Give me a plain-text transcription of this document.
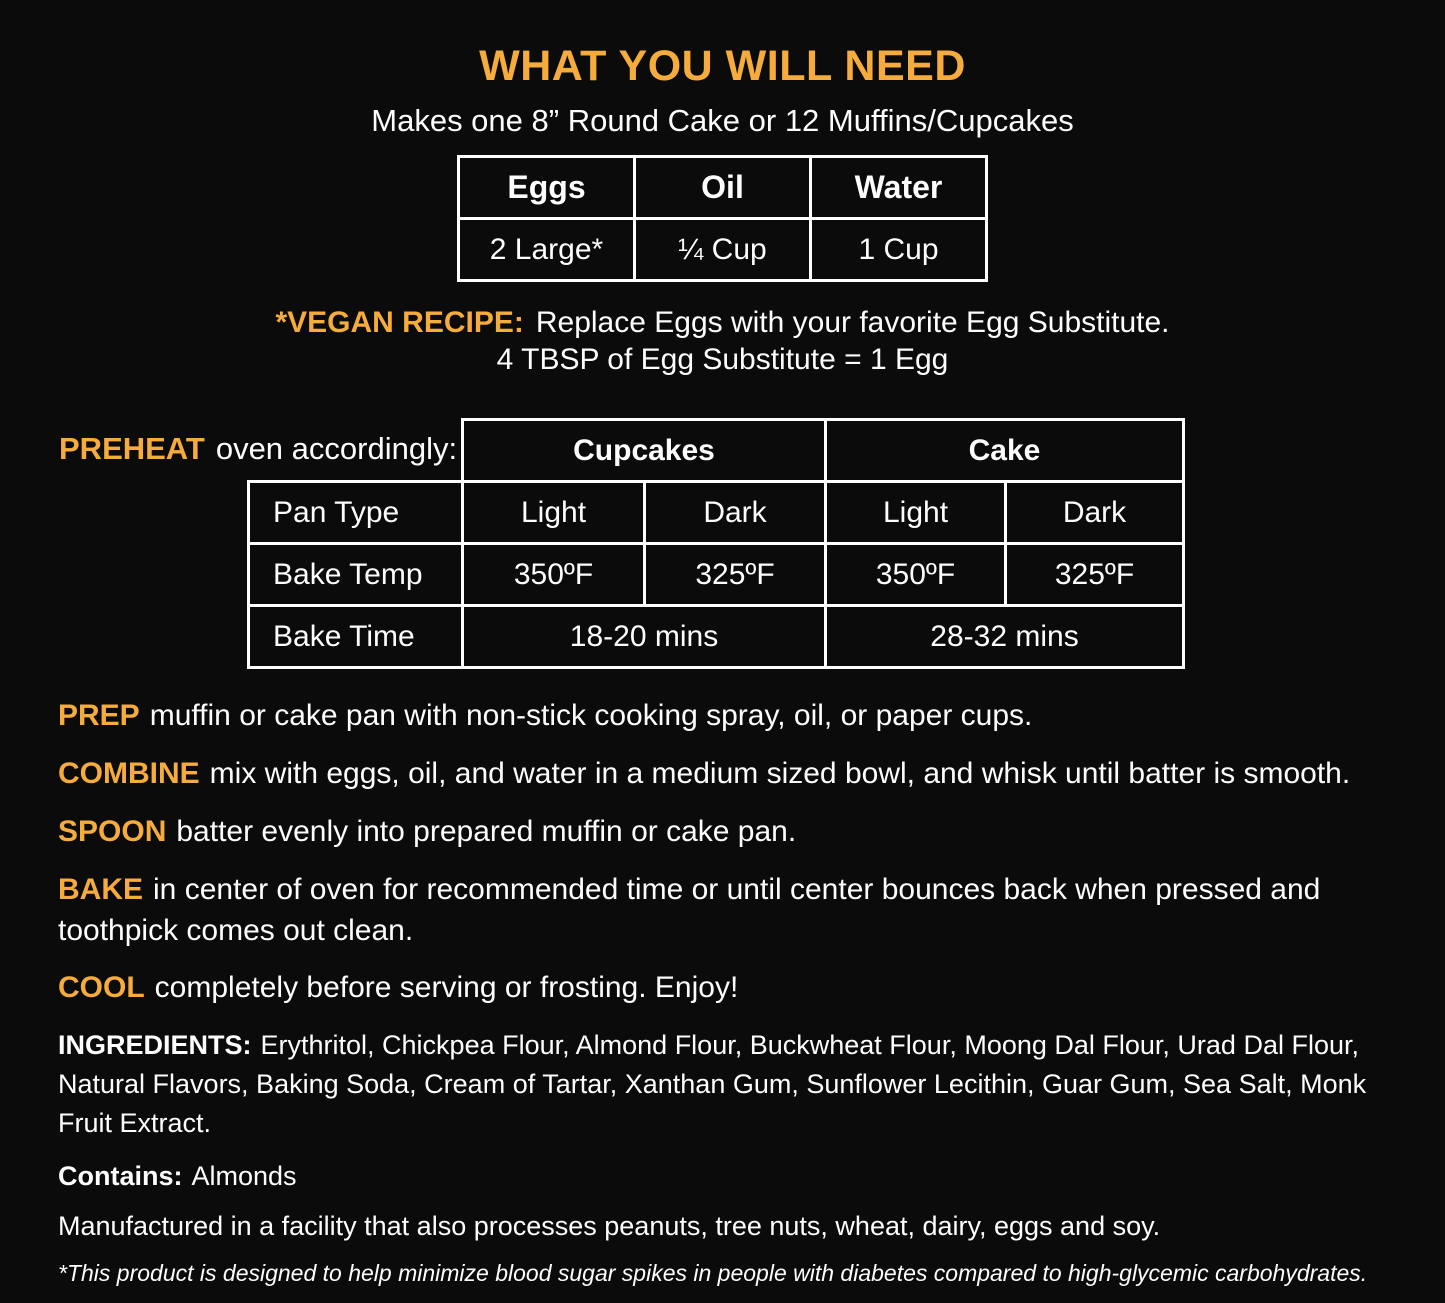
WHAT YOU WILL NEED
Makes one 8” Round Cake or 12 Muffins/Cupcakes
Eggs	Oil	Water
2 Large*	¼ Cup	1 Cup
*VEGAN RECIPE: Replace Eggs with your favorite Egg Substitute.
4 TBSP of Egg Substitute = 1 Egg
PREHEAT oven accordingly:
		Cupcakes		Cake	
Pan Type	Light	Dark	Light	Dark
Bake Temp	350ºF	325ºF	350ºF	325ºF
Bake Time	18-20 mins		28-32 mins	
PREP muffin or cake pan with non-stick cooking spray, oil, or paper cups.
COMBINE mix with eggs, oil, and water in a medium sized bowl, and whisk until batter is smooth.
SPOON batter evenly into prepared muffin or cake pan.
BAKE in center of oven for recommended time or until center bounces back when pressed and toothpick comes out clean.
COOL completely before serving or frosting. Enjoy!
INGREDIENTS: Erythritol, Chickpea Flour, Almond Flour, Buckwheat Flour, Moong Dal Flour, Urad Dal Flour, Natural Flavors, Baking Soda, Cream of Tartar, Xanthan Gum, Sunflower Lecithin, Guar Gum, Sea Salt, Monk Fruit Extract.
Contains: Almonds
Manufactured in a facility that also processes peanuts, tree nuts, wheat, dairy, eggs and soy.
*This product is designed to help minimize blood sugar spikes in people with diabetes compared to high-glycemic carbohydrates.
